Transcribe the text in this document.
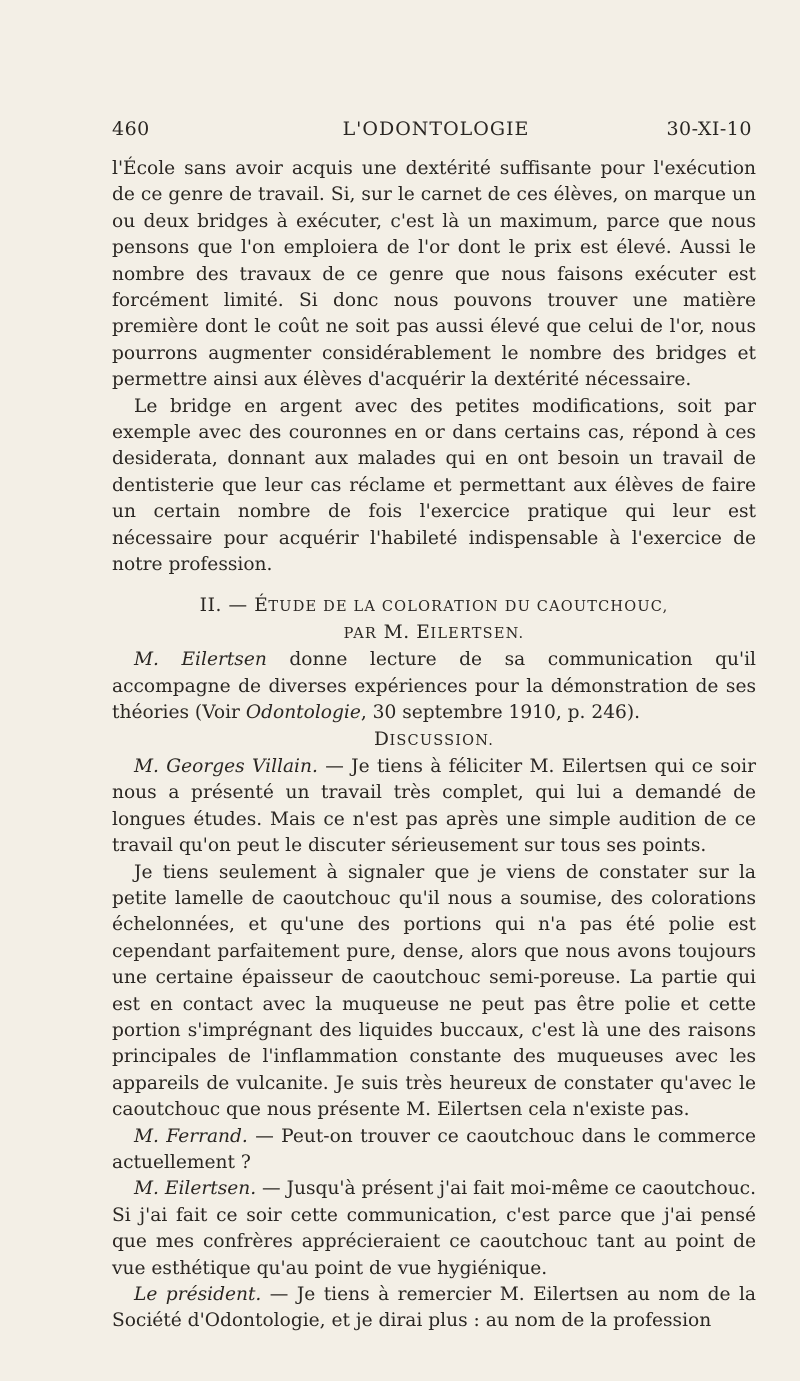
460	L'ODONTOLOGIE	30-XI-10

l'École sans avoir acquis une dextérité suffisante pour l'exécution de ce genre de travail. Si, sur le carnet de ces élèves, on marque un ou deux bridges à exécuter, c'est là un maximum, parce que nous pensons que l'on emploiera de l'or dont le prix est élevé. Aussi le nombre des travaux de ce genre que nous faisons exécuter est forcément limité. Si donc nous pouvons trouver une matière première dont le coût ne soit pas aussi élevé que celui de l'or, nous pourrons augmenter considérablement le nombre des bridges et permettre ainsi aux élèves d'acquérir la dextérité nécessaire.

Le bridge en argent avec des petites modifications, soit par exemple avec des couronnes en or dans certains cas, répond à ces desiderata, donnant aux malades qui en ont besoin un travail de dentisterie que leur cas réclame et permettant aux élèves de faire un certain nombre de fois l'exercice pratique qui leur est nécessaire pour acquérir l'habileté indispensable à l'exercice de notre profession.

II. — ÉTUDE DE LA COLORATION DU CAOUTCHOUC,
PAR M. EILERTSEN.

M. Eilertsen donne lecture de sa communication qu'il accompagne de diverses expériences pour la démonstration de ses théories (Voir Odontologie, 30 septembre 1910, p. 246).

DISCUSSION.

M. Georges Villain. — Je tiens à féliciter M. Eilertsen qui ce soir nous a présenté un travail très complet, qui lui a demandé de longues études. Mais ce n'est pas après une simple audition de ce travail qu'on peut le discuter sérieusement sur tous ses points.

Je tiens seulement à signaler que je viens de constater sur la petite lamelle de caoutchouc qu'il nous a soumise, des colorations échelonnées, et qu'une des portions qui n'a pas été polie est cependant parfaitement pure, dense, alors que nous avons toujours une certaine épaisseur de caoutchouc semi-poreuse. La partie qui est en contact avec la muqueuse ne peut pas être polie et cette portion s'imprégnant des liquides buccaux, c'est là une des raisons principales de l'inflammation constante des muqueuses avec les appareils de vulcanite. Je suis très heureux de constater qu'avec le caoutchouc que nous présente M. Eilertsen cela n'existe pas.

M. Ferrand. — Peut-on trouver ce caoutchouc dans le commerce actuellement ?

M. Eilertsen. — Jusqu'à présent j'ai fait moi-même ce caoutchouc. Si j'ai fait ce soir cette communication, c'est parce que j'ai pensé que mes confrères apprécieraient ce caoutchouc tant au point de vue esthétique qu'au point de vue hygiénique.

Le président. — Je tiens à remercier M. Eilertsen au nom de la Société d'Odontologie, et je dirai plus : au nom de la profession
